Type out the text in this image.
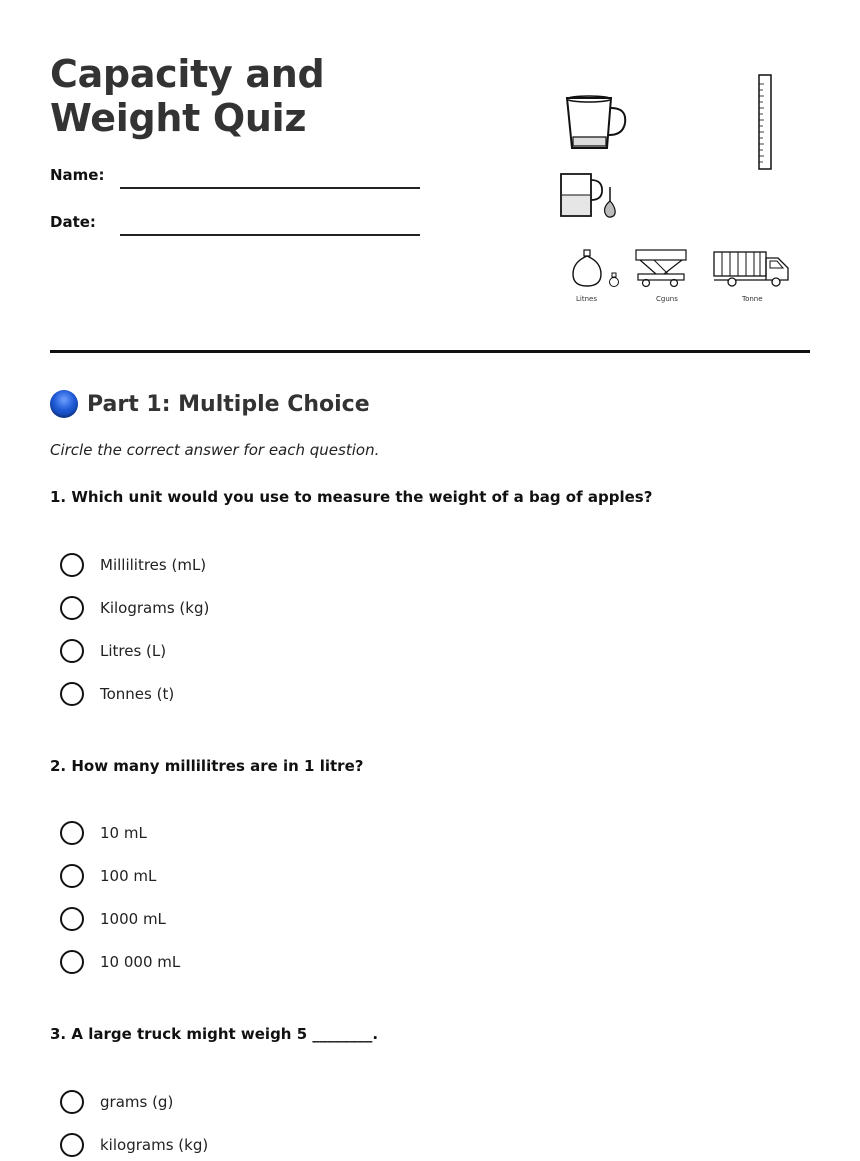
Capacity and Weight Quiz
Name:
Date:
Litnes	Cguns	Tonne
Part 1: Multiple Choice
Circle the correct answer for each question.
1. Which unit would you use to measure the weight of a bag of apples?
Millilitres (mL)
Kilograms (kg)
Litres (L)
Tonnes (t)
2. How many millilitres are in 1 litre?
10 mL
100 mL
1000 mL
10 000 mL
3. A large truck might weigh 5 ________.
grams (g)
kilograms (kg)
